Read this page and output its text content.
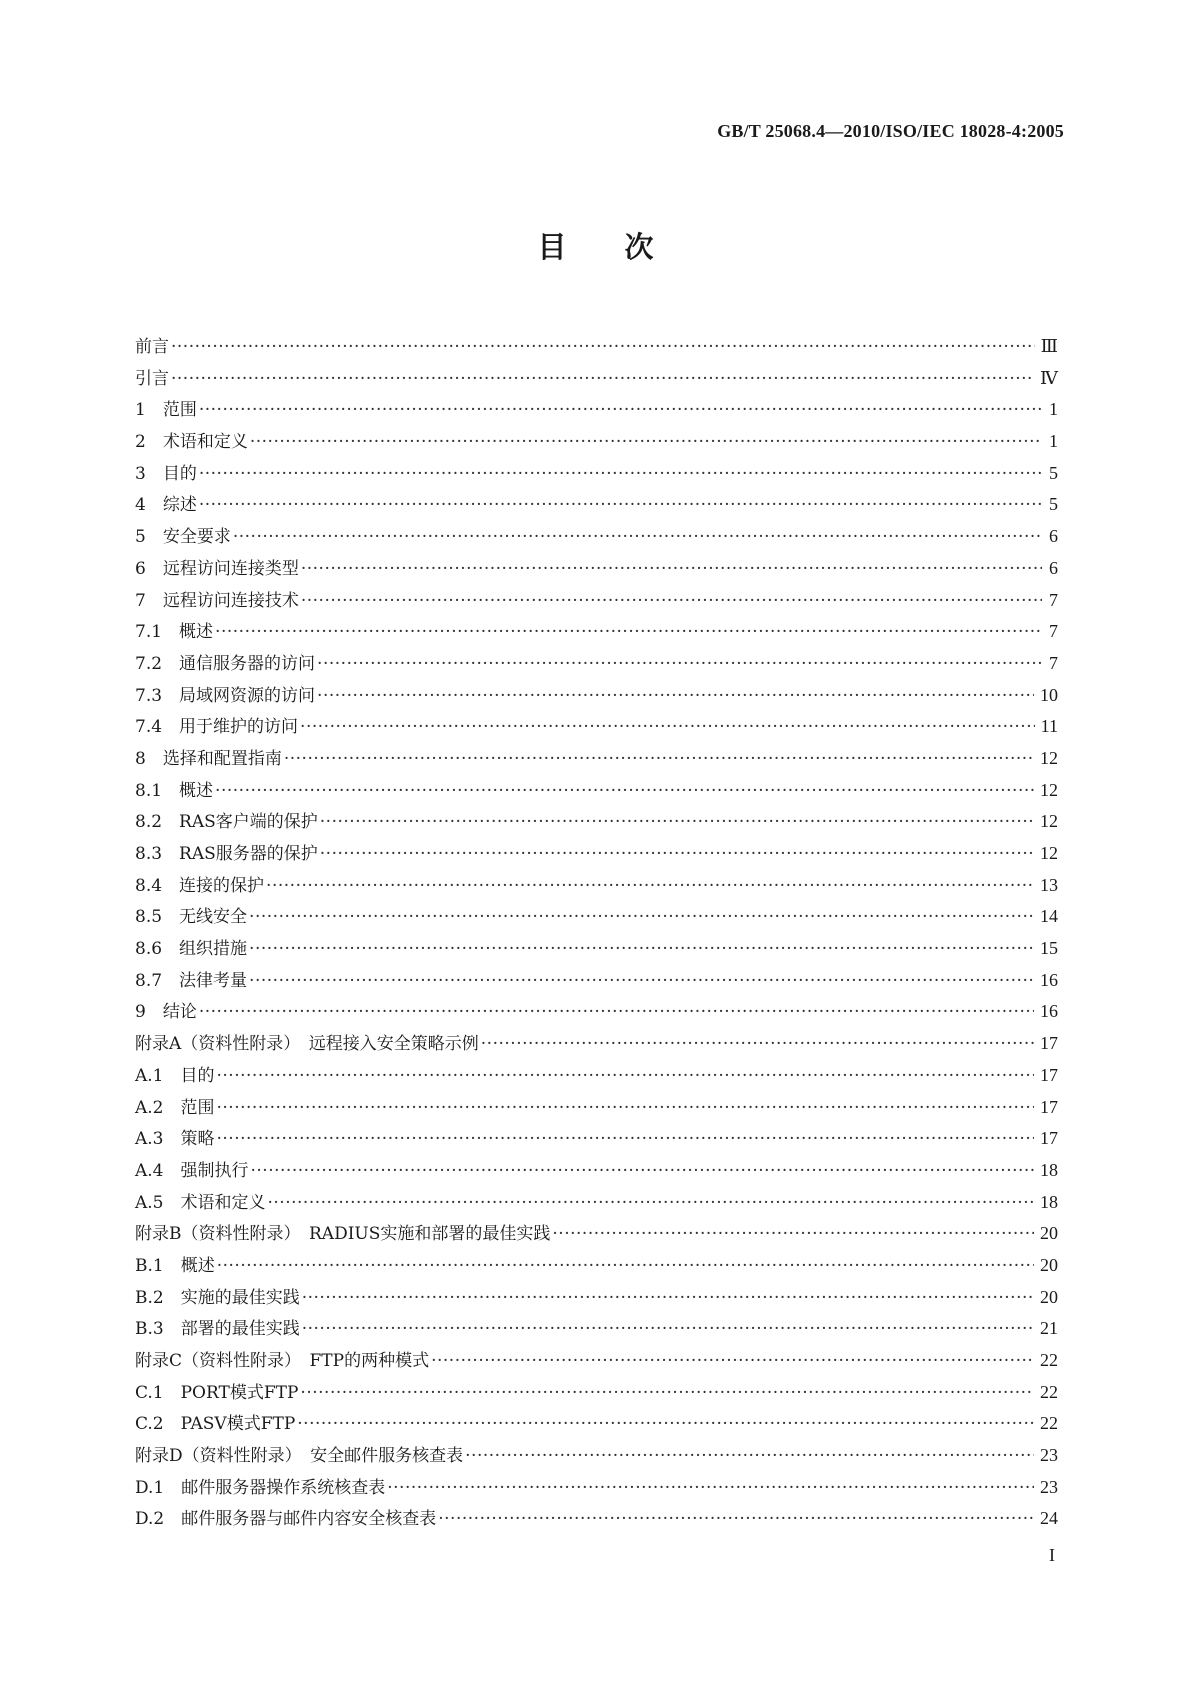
GB/T 25068.4—2010/ISO/IEC 18028-4:2005

目　　次
前言 ·····	Ⅲ
引言 ·····	Ⅳ
1　范围 ·····	1
2　术语和定义 ·····	1
3　目的 ·····	5
4　综述 ·····	5
5　安全要求 ·····	6
6　远程访问连接类型 ·····	6
7　远程访问连接技术 ·····	7
7.1　概述 ·····	7
7.2　通信服务器的访问 ·····	7
7.3　局域网资源的访问 ·····	10
7.4　用于维护的访问 ·····	11
8　选择和配置指南 ·····	12
8.1　概述 ·····	12
8.2　RAS客户端的保护 ·····	12
8.3　RAS服务器的保护 ·····	12
8.4　连接的保护 ·····	13
8.5　无线安全 ·····	14
8.6　组织措施 ·····	15
8.7　法律考量 ·····	16
9　结论 ·····	16
附录A（资料性附录）　远程接入安全策略示例 ·····	17
A.1　目的 ·····	17
A.2　范围 ·····	17
A.3　策略 ·····	17
A.4　强制执行 ·····	18
A.5　术语和定义 ·····	18
附录B（资料性附录）　RADIUS实施和部署的最佳实践 ·····	20
B.1　概述 ·····	20
B.2　实施的最佳实践 ·····	20
B.3　部署的最佳实践 ·····	21
附录C（资料性附录）　FTP的两种模式 ·····	22
C.1　PORT模式FTP ·····	22
C.2　PASV模式FTP ·····	22
附录D（资料性附录）　安全邮件服务核查表 ·····	23
D.1　邮件服务器操作系统核查表 ·····	23
D.2　邮件服务器与邮件内容安全核查表 ·····	24

I
